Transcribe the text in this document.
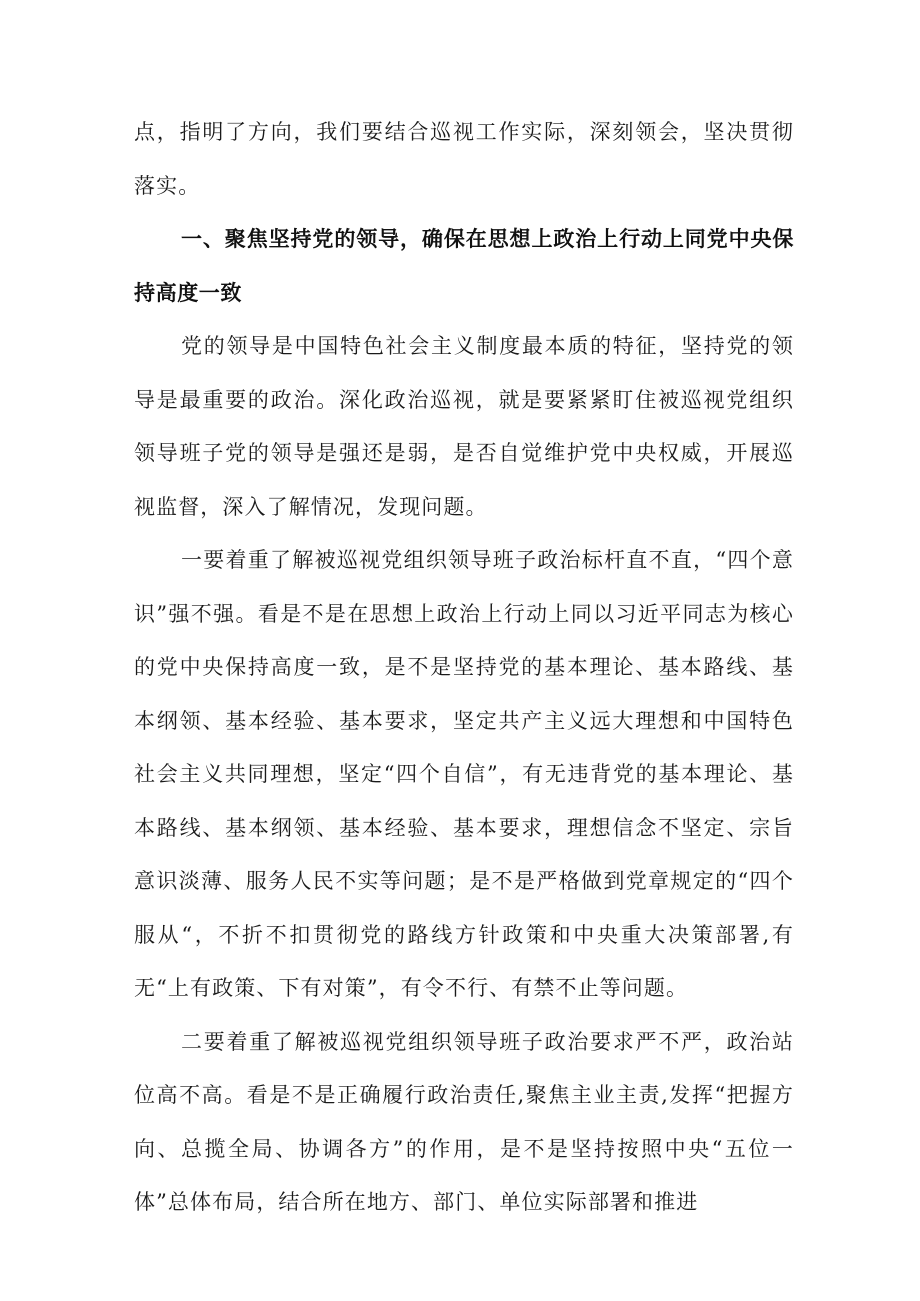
点，指明了方向，我们要结合巡视工作实际，深刻领会，坚决贯彻落实。

一、聚焦坚持党的领导，确保在思想上政治上行动上同党中央保持高度一致

党的领导是中国特色社会主义制度最本质的特征，坚持党的领导是最重要的政治。深化政治巡视，就是要紧紧盯住被巡视党组织领导班子党的领导是强还是弱，是否自觉维护党中央权威，开展巡视监督，深入了解情况，发现问题。

一要着重了解被巡视党组织领导班子政治标杆直不直，“四个意识”强不强。看是不是在思想上政治上行动上同以习近平同志为核心的党中央保持高度一致，是不是坚持党的基本理论、基本路线、基本纲领、基本经验、基本要求，坚定共产主义远大理想和中国特色社会主义共同理想，坚定“四个自信”，有无违背党的基本理论、基本路线、基本纲领、基本经验、基本要求，理想信念不坚定、宗旨意识淡薄、服务人民不实等问题；是不是严格做到党章规定的“四个服从“，不折不扣贯彻党的路线方针政策和中央重大决策部署,有无“上有政策、下有对策”，有令不行、有禁不止等问题。

二要着重了解被巡视党组织领导班子政治要求严不严，政治站位高不高。看是不是正确履行政治责任,聚焦主业主责,发挥“把握方向、总揽全局、协调各方”的作用，是不是坚持按照中央“五位一体”总体布局，结合所在地方、部门、单位实际部署和推进
